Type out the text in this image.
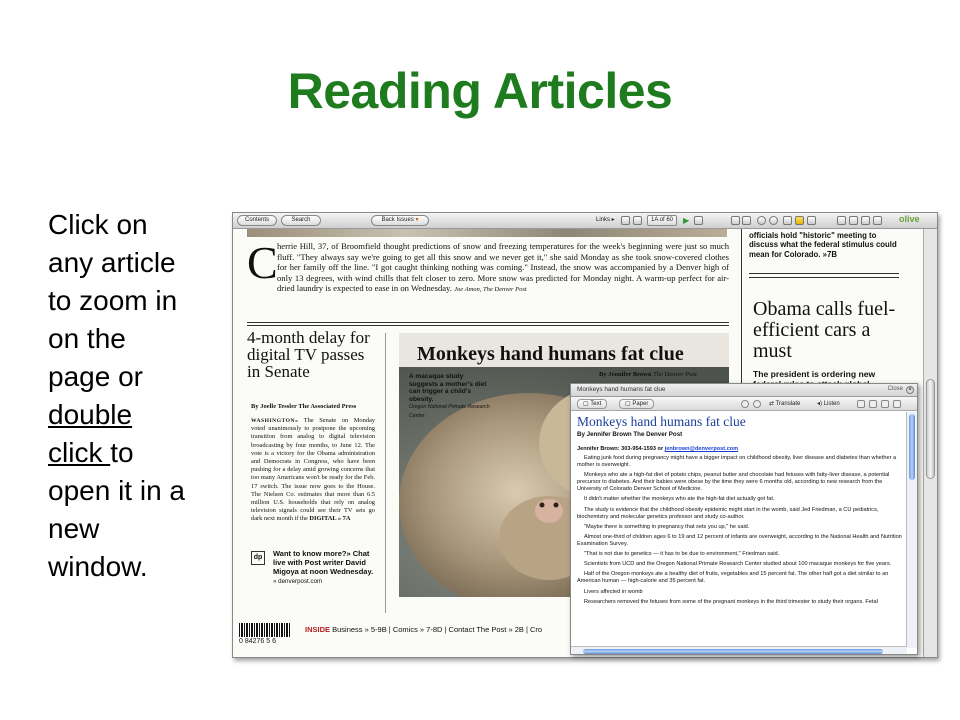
Reading Articles
Click on any article to zoom in on the page or double click to open it in a new window.
Contents	Search	Back Issues ▾	Links ▸	1A of 60	▶	olive
C herrie Hill, 37, of Broomfield thought predictions of snow and freezing temperatures for the week's beginning were just so much fluff. "They always say we're going to get all this snow and we never get it," she said Monday as she took snow-covered clothes for her family off the line. "I got caught thinking nothing was coming." Instead, the snow was accompanied by a Denver high of only 13 degrees, with wind chills that felt closer to zero. More snow was predicted for Monday night. A warm-up perfect for air-dried laundry is expected to ease in on Wednesday. Joe Amon, The Denver Post
4-month delay for digital TV passes in Senate
By Joelle Tessler The Associated Press
WASHINGTON» The Senate on Monday voted unanimously to postpone the upcoming transition from analog to digital television broadcasting by four months, to June 12. The vote is a victory for the Obama administration and Democrats in Congress, who have been pushing for a delay amid growing concerns that too many Americans won't be ready for the Feb. 17 switch. The issue now goes to the House. The Nielsen Co. estimates that more than 6.5 million U.S. households that rely on analog television signals could see their TV sets go dark next month if the DIGITAL » 7A
dp	Want to know more?» Chat live with Post writer David Migoya at noon Wednesday.
» denverpost.com
Monkeys hand humans fat clue
By Jennifer Brown The Denver Post
A macaque study suggests a mother's diet can trigger a child's obesity.
Oregon National Primate Research Center
officials hold "historic" meeting to discuss what the federal stimulus could mean for Colorado. »7B
Obama calls fuel-efficient cars a must
The president is ordering new
0 84276 5 6
INSIDE Business » 5-9B | Comics » 7-8D | Contact The Post » 2B | Cro
Monkeys hand humans fat clue	Close ×
▢ Text	▢ Paper	⇄ Translate	◂) Listen
Monkeys hand humans fat clue
By Jennifer Brown The Denver Post
Jennifer Brown: 303-954-1593 or jenbrown@denverpost.com
Eating junk food during pregnancy might have a bigger impact on childhood obesity, liver disease and diabetes than whether a mother is overweight.
Monkeys who ate a high-fat diet of potato chips, peanut butter and chocolate had fetuses with fatty-liver disease, a potential precursor to diabetes. And their babies were obese by the time they were 6 months old, according to new research from the University of Colorado Denver School of Medicine.
It didn't matter whether the monkeys who ate the high-fat diet actually got fat.
The study is evidence that the childhood obesity epidemic might start in the womb, said Jed Friedman, a CU pediatrics, biochemistry and molecular genetics professor and study co-author.
"Maybe there is something in pregnancy that sets you up," he said.
Almost one-third of children ages 6 to 19 and 12 percent of infants are overweight, according to the National Health and Nutrition Examination Survey.
"That is not due to genetics — it has to be due to environment," Friedman said.
Scientists from UCD and the Oregon National Primate Research Center studied about 100 macaque monkeys for five years.
Half of the Oregon monkeys ate a healthy diet of fruits, vegetables and 15 percent fat. The other half got a diet similar to an American human — high-calorie and 35 percent fat.
Livers affected in womb
Researchers removed the fetuses from some of the pregnant monkeys in the third trimester to study their organs. Fetal
